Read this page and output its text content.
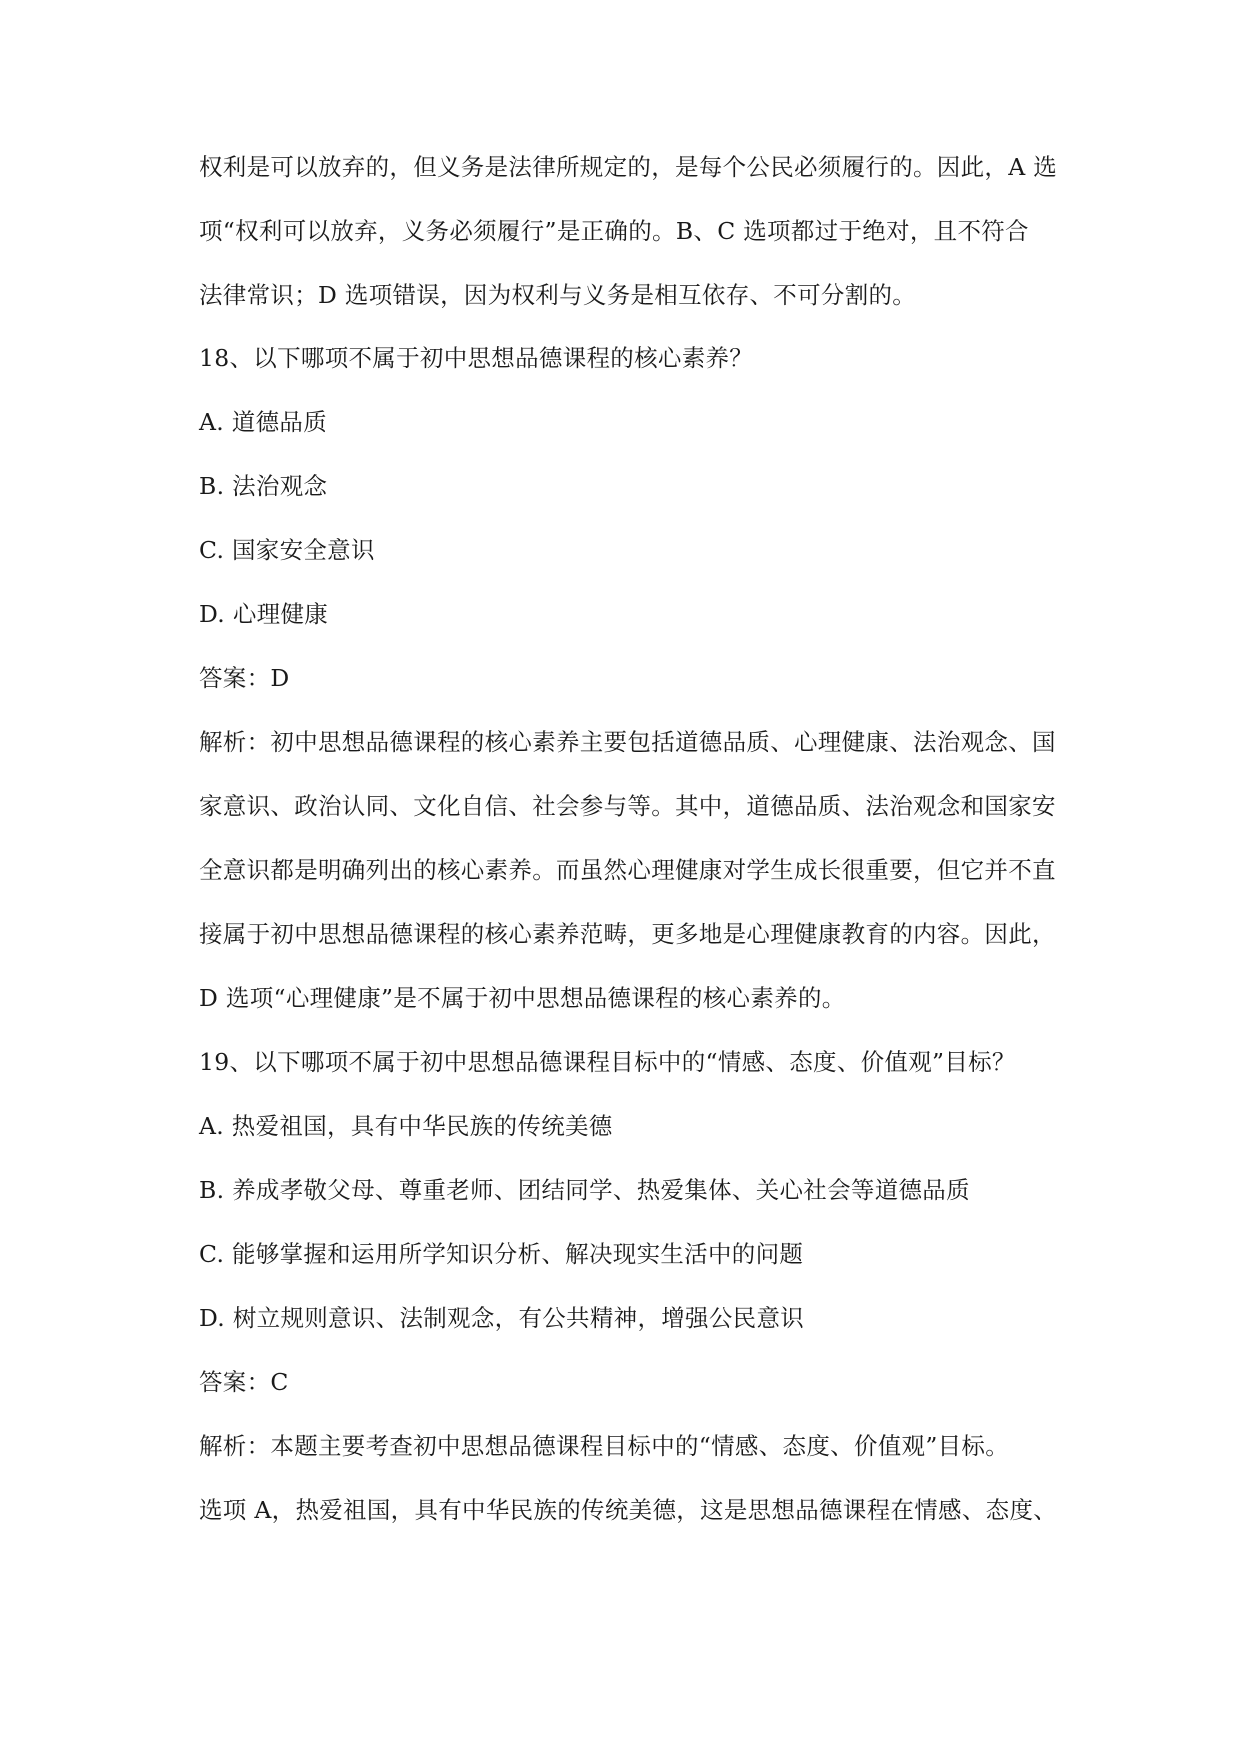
权利是可以放弃的，但义务是法律所规定的，是每个公民必须履行的。因此，A 选
项“权利可以放弃，义务必须履行”是正确的。B、C 选项都过于绝对，且不符合
法律常识；D 选项错误，因为权利与义务是相互依存、不可分割的。
18、以下哪项不属于初中思想品德课程的核心素养？
A. 道德品质
B. 法治观念
C. 国家安全意识
D. 心理健康
答案：D
解析：初中思想品德课程的核心素养主要包括道德品质、心理健康、法治观念、国
家意识、政治认同、文化自信、社会参与等。其中，道德品质、法治观念和国家安
全意识都是明确列出的核心素养。而虽然心理健康对学生成长很重要，但它并不直
接属于初中思想品德课程的核心素养范畴，更多地是心理健康教育的内容。因此，
D 选项“心理健康”是不属于初中思想品德课程的核心素养的。
19、以下哪项不属于初中思想品德课程目标中的“情感、态度、价值观”目标？
A. 热爱祖国，具有中华民族的传统美德
B. 养成孝敬父母、尊重老师、团结同学、热爱集体、关心社会等道德品质
C. 能够掌握和运用所学知识分析、解决现实生活中的问题
D. 树立规则意识、法制观念，有公共精神，增强公民意识
答案：C
解析：本题主要考查初中思想品德课程目标中的“情感、态度、价值观”目标。
选项 A，热爱祖国，具有中华民族的传统美德，这是思想品德课程在情感、态度、
